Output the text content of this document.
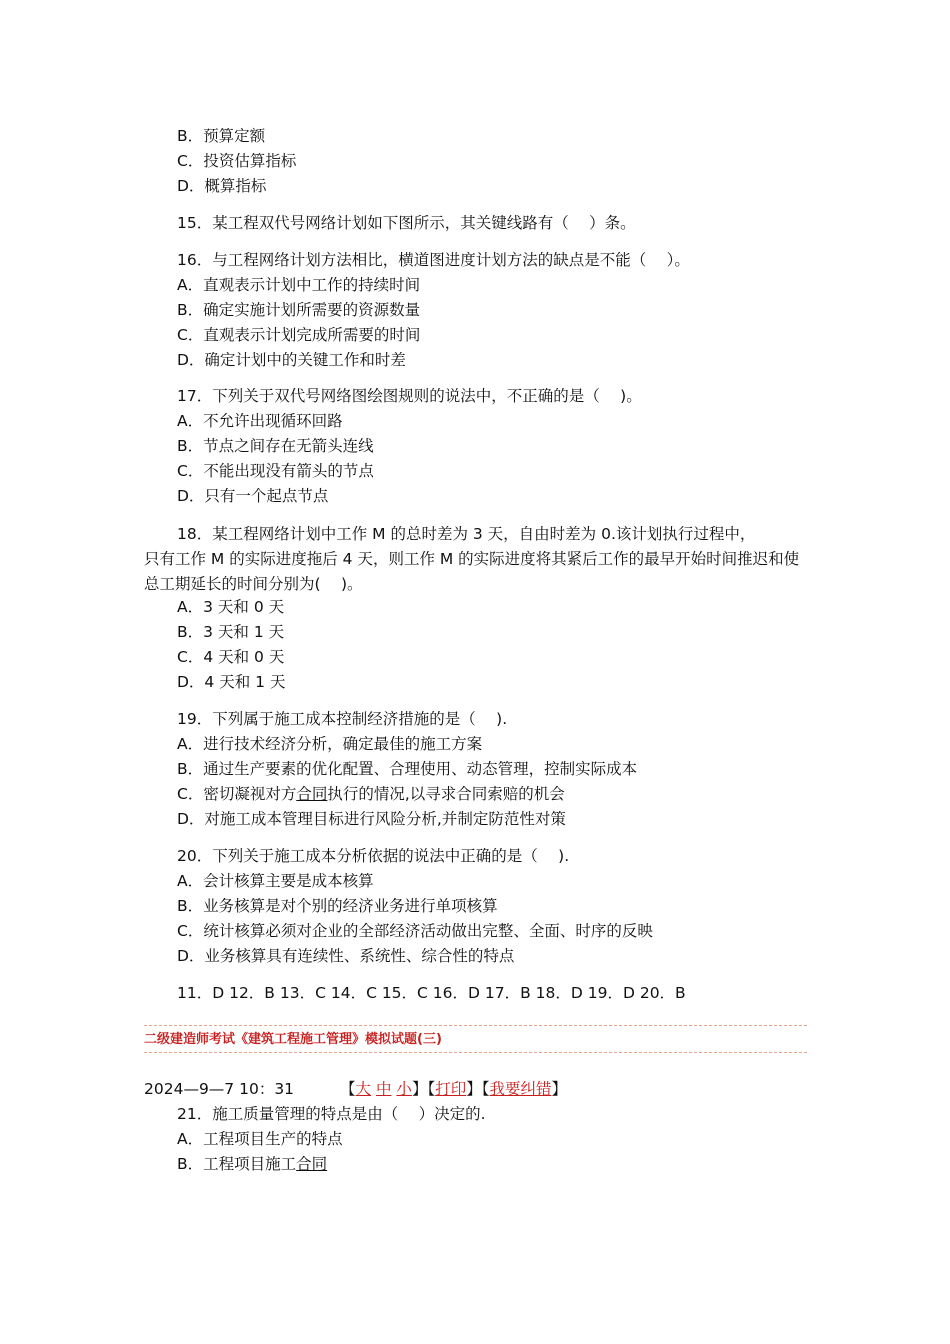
B．预算定额
C．投资估算指标
D．概算指标
15．某工程双代号网络计划如下图所示，其关键线路有（　 ）条。
16．与工程网络计划方法相比，横道图进度计划方法的缺点是不能（　 ）。
A．直观表示计划中工作的持续时间
B．确定实施计划所需要的资源数量
C．直观表示计划完成所需要的时间
D．确定计划中的关键工作和时差
17．下列关于双代号网络图绘图规则的说法中，不正确的是（　 )。
A．不允许出现循环回路
B．节点之间存在无箭头连线
C．不能出现没有箭头的节点
D．只有一个起点节点
18．某工程网络计划中工作 M 的总时差为 3 天，自由时差为 0.该计划执行过程中，
只有工作 M 的实际进度拖后 4 天，则工作 M 的实际进度将其紧后工作的最早开始时间推迟和使总工期延长的时间分别为(　 )。
A．3 天和 0 天
B．3 天和 1 天
C．4 天和 0 天
D．4 天和 1 天
19．下列属于施工成本控制经济措施的是（　 ).
A．进行技术经济分析，确定最佳的施工方案
B．通过生产要素的优化配置、合理使用、动态管理，控制实际成本
C．密切凝视对方合同执行的情况,以寻求合同索赔的机会
D．对施工成本管理目标进行风险分析,并制定防范性对策
20．下列关于施工成本分析依据的说法中正确的是（　 ).
A．会计核算主要是成本核算
B．业务核算是对个别的经济业务进行单项核算
C．统计核算必须对企业的全部经济活动做出完整、全面、时序的反映
D．业务核算具有连续性、系统性、综合性的特点
11．D 12．B 13．C 14．C 15．C 16．D 17．B 18．D 19．D 20．B
二级建造师考试《建筑工程施工管理》模拟试题(三)
2024—9—7 10：31	【大 中 小】【打印】【我要纠错】
21．施工质量管理的特点是由（　 ）决定的.
A．工程项目生产的特点
B．工程项目施工合同
